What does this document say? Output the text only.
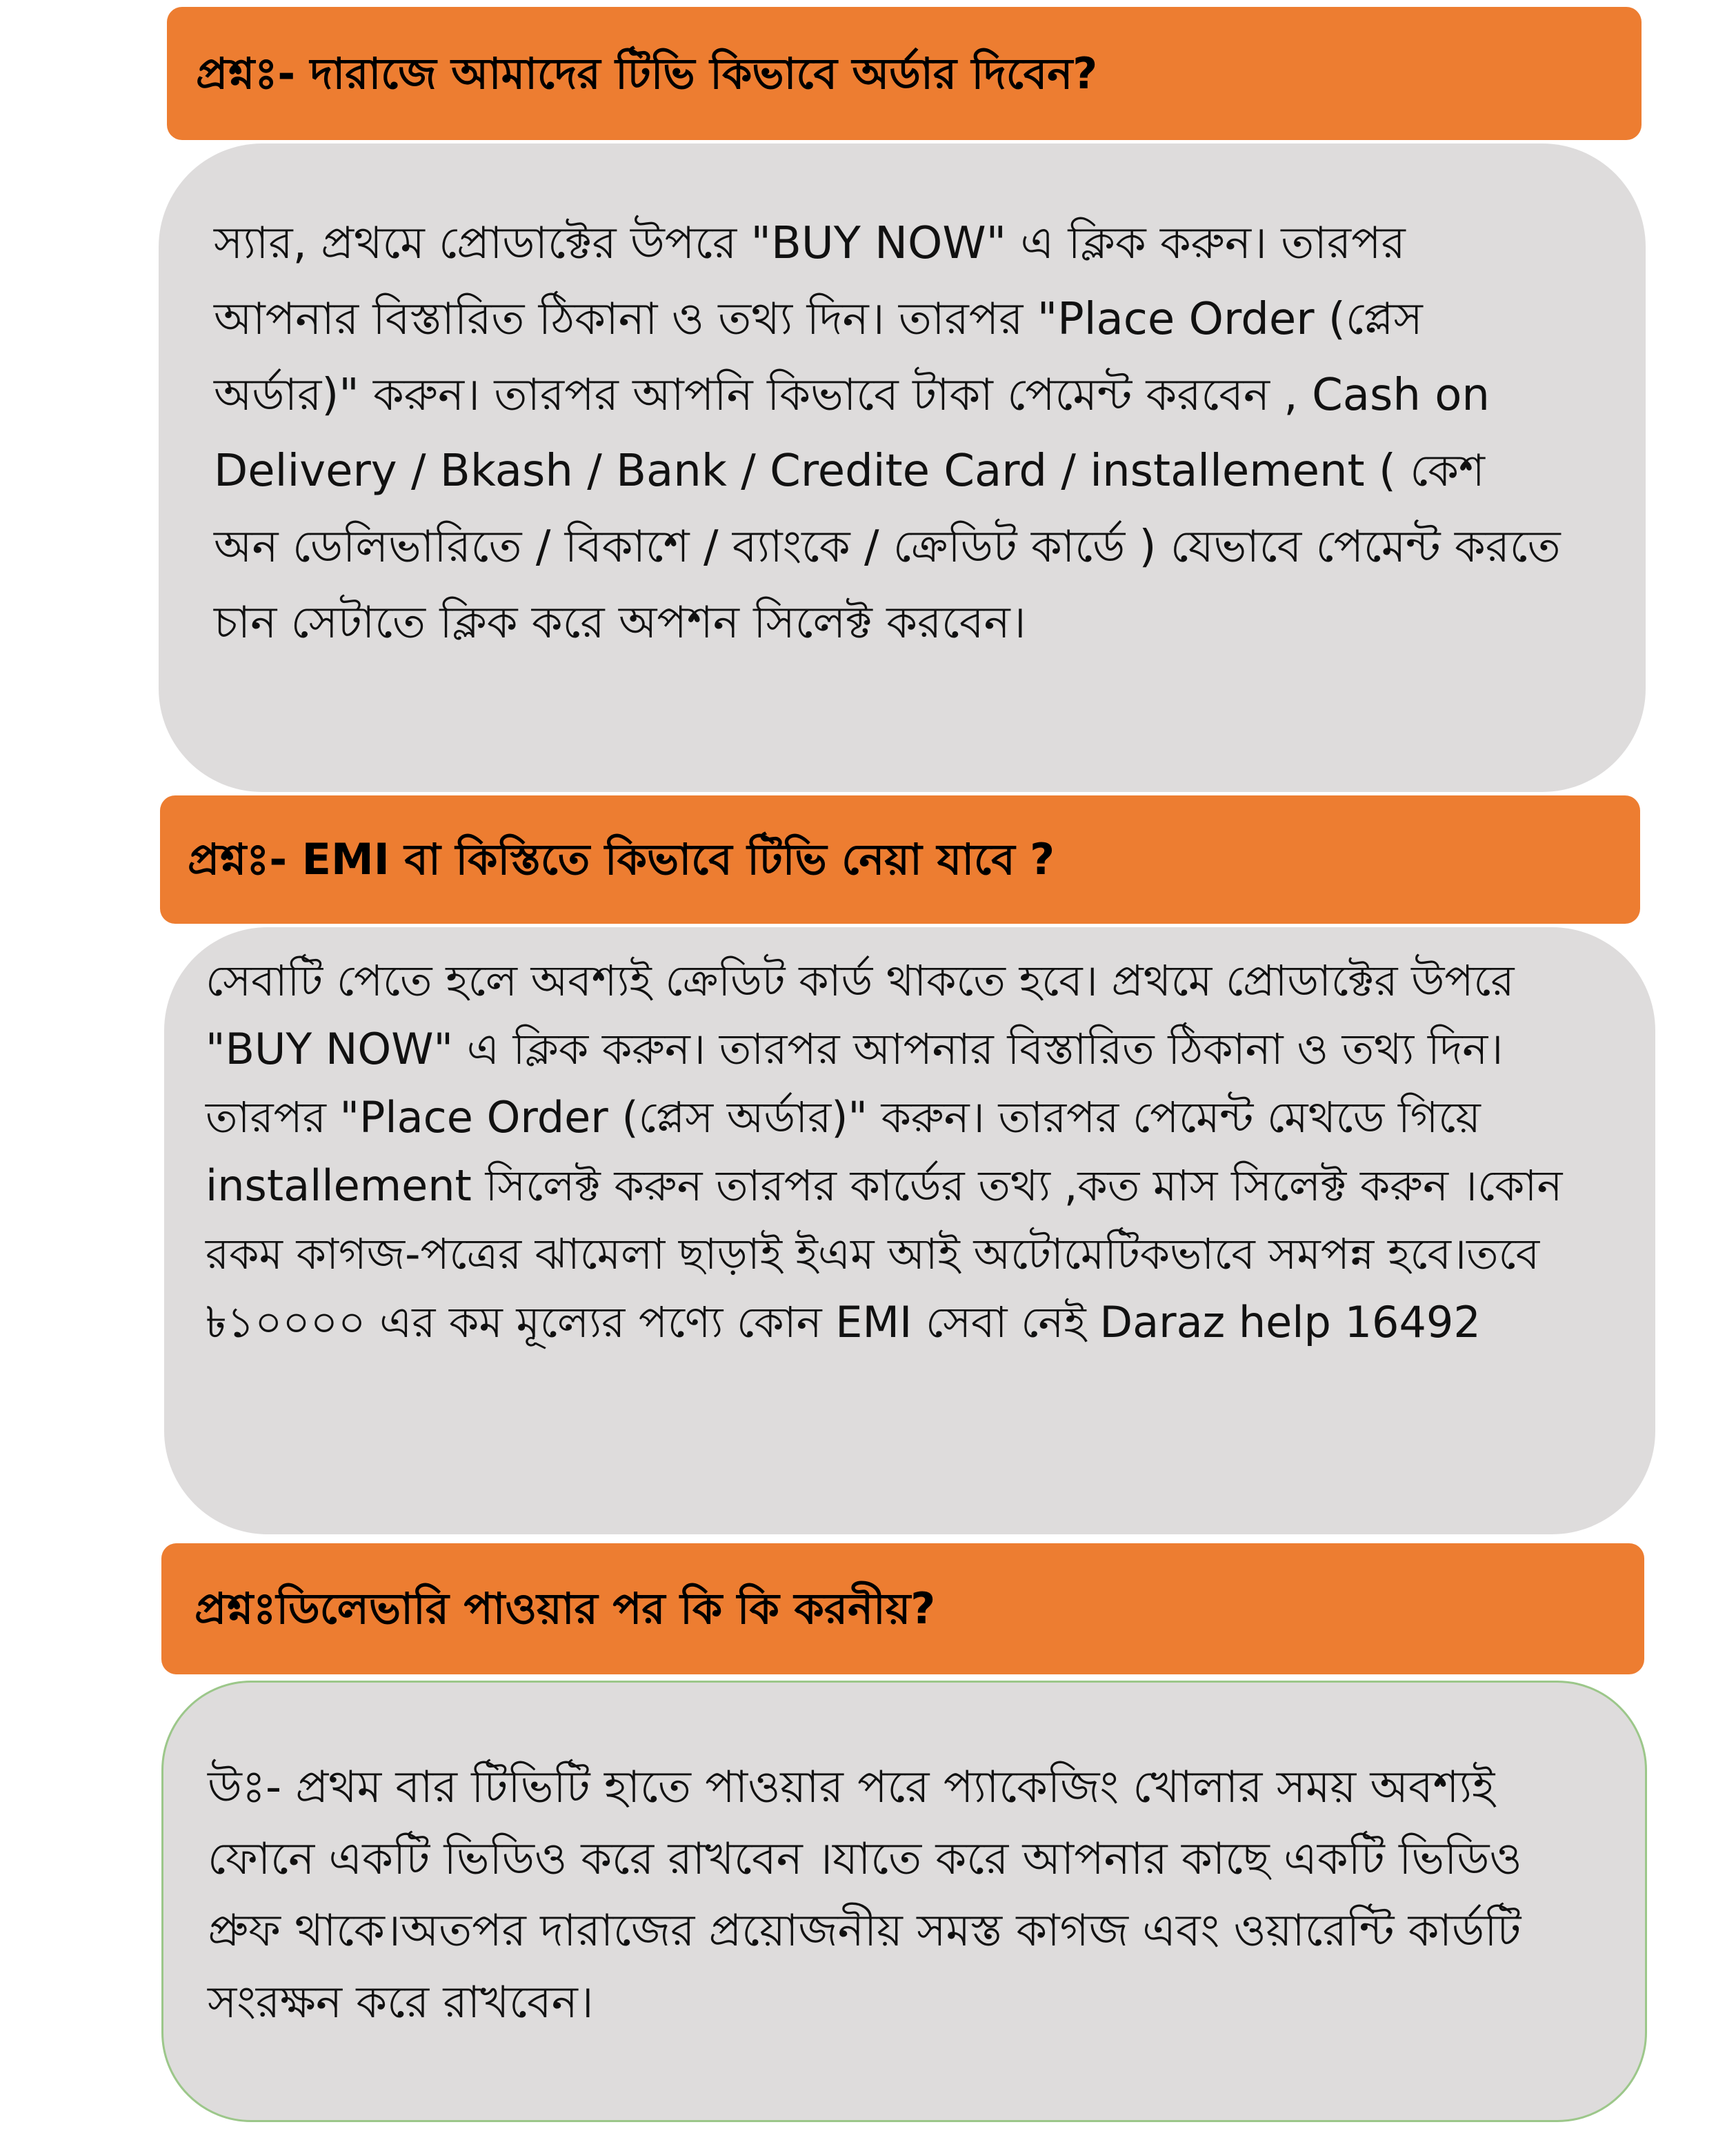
প্রশ্নঃ- দারাজে আমাদের টিভি কিভাবে অর্ডার দিবেন?

স্যার, প্রথমে প্রোডাক্টের উপরে "BUY NOW" এ ক্লিক করুন। তারপর আপনার বিস্তারিত ঠিকানা ও তথ্য দিন। তারপর "Place Order (প্লেস অর্ডার)" করুন। তারপর আপনি কিভাবে টাকা পেমেন্ট করবেন , Cash on Delivery / Bkash / Bank / Credite Card / installement ( কেশ অন ডেলিভারিতে / বিকাশে / ব্যাংকে / ক্রেডিট কার্ডে ) যেভাবে পেমেন্ট করতে চান সেটাতে ক্লিক করে অপশন সিলেক্ট করবেন।

প্রশ্নঃ- EMI বা কিস্তিতে কিভাবে টিভি নেয়া যাবে ?

সেবাটি পেতে হলে অবশ্যই ক্রেডিট কার্ড থাকতে হবে। প্রথমে প্রোডাক্টের উপরে "BUY NOW" এ ক্লিক করুন। তারপর আপনার বিস্তারিত ঠিকানা ও তথ্য দিন। তারপর "Place Order (প্লেস অর্ডার)" করুন। তারপর পেমেন্ট মেথডে গিয়ে installement সিলেক্ট করুন তারপর কার্ডের তথ্য ,কত মাস সিলেক্ট করুন ।কোন রকম কাগজ-পত্রের ঝামেলা ছাড়াই ইএম আই অটোমেটিকভাবে সমপন্ন হবে।তবে ৳১০০০০ এর কম মূল্যের পণ্যে কোন EMI সেবা নেই Daraz help 16492

প্রশ্নঃডিলেভারি পাওয়ার পর কি কি করনীয়?

উঃ- প্রথম বার টিভিটি হাতে পাওয়ার পরে প্যাকেজিং খোলার সময় অবশ্যই ফোনে একটি ভিডিও করে রাখবেন ।যাতে করে আপনার কাছে একটি ভিডিও প্রুফ থাকে।অতপর দারাজের প্রয়োজনীয় সমস্ত কাগজ এবং ওয়ারেন্টি কার্ডটি সংরক্ষন করে রাখবেন।
